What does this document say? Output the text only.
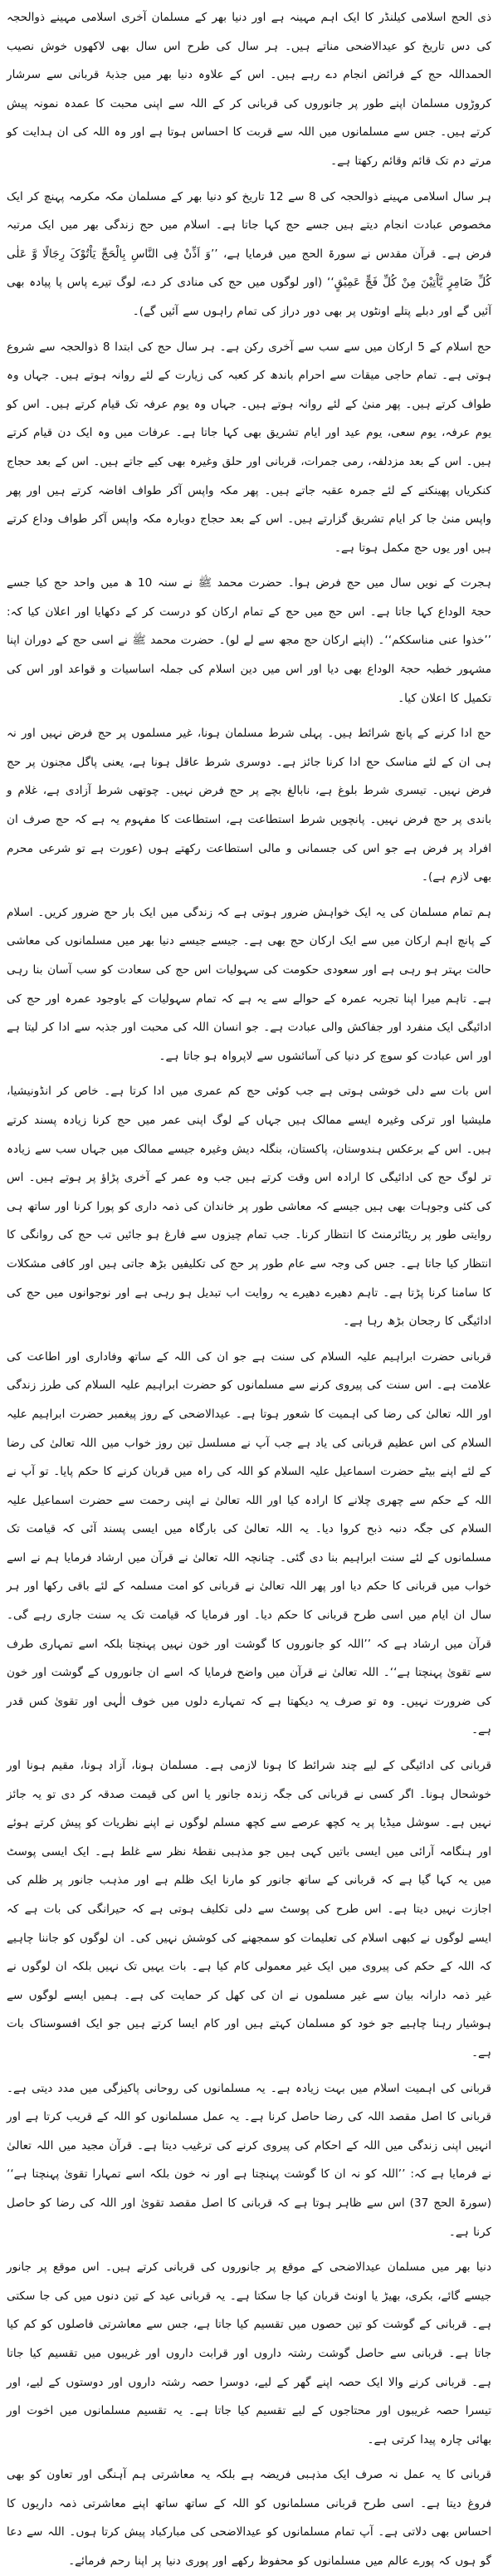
ذی الحج اسلامی کیلنڈر کا ایک اہم مہینہ ہے اور دنیا بھر کے مسلمان آخری اسلامی مہینے ذوالحجہ کی دس تاریخ کو عیدالاضحی مناتے ہیں۔ ہر سال کی طرح اس سال بھی لاکھوں خوش نصیب الحمداللہ حج کے فرائض انجام دے رہے ہیں۔ اس کے علاوہ دنیا بھر میں جذبۂ قربانی سے سرشار کروڑوں مسلمان اپنے طور پر جانوروں کی قربانی کر کے اللہ سے اپنی محبت کا عمدہ نمونہ پیش کرتے ہیں۔ جس سے مسلمانوں میں اللہ سے قربت کا احساس ہوتا ہے اور وہ اللہ کی ان ہدایت کو مرتے دم تک قائم وقائم رکھتا ہے۔

ہر سال اسلامی مہینے ذوالحجہ کی 8 سے 12 تاریخ کو دنیا بھر کے مسلمان مکہ مکرمہ پہنچ کر ایک مخصوص عبادت انجام دیتے ہیں جسے حج کہا جاتا ہے۔ اسلام میں حج زندگی بھر میں ایک مرتبہ فرض ہے۔ قرآن مقدس نے سورۃ الحج میں فرمایا ہے، ’’وَ اَذِّنْ فِی النَّاسِ بِالْحَجِّ یَاْتُوْکَ رِجَالًا وَّ عَلٰی کُلِّ ضَامِرٍ یَّاْتِیْنَ مِنْ کُلِّ فَجٍّ عَمِیْقٍ‘‘ (اور لوگوں میں حج کی منادی کر دے، لوگ تیرے پاس پا پیادہ بھی آئیں گے اور دبلے پتلے اونٹوں پر بھی دور دراز کی تمام راہوں سے آئیں گے)۔

حج اسلام کے 5 ارکان میں سے سب سے آخری رکن ہے۔ ہر سال حج کی ابتدا 8 ذوالحجہ سے شروع ہوتی ہے۔ تمام حاجی میقات سے احرام باندھ کر کعبہ کی زیارت کے لئے روانہ ہوتے ہیں۔ جہاں وہ طواف کرتے ہیں۔ پھر منیٰ کے لئے روانہ ہوتے ہیں۔ جہاں وہ یوم عرفہ تک قیام کرتے ہیں۔ اس کو یوم عرفہ، یوم سعی، یوم عید اور ایام تشریق بھی کہا جاتا ہے۔ عرفات میں وہ ایک دن قیام کرتے ہیں۔ اس کے بعد مزدلفہ، رمی جمرات، قربانی اور حلق وغیرہ بھی کیے جاتے ہیں۔ اس کے بعد حجاج کنکریاں پھینکنے کے لئے جمرہ عقبہ جاتے ہیں۔ پھر مکہ واپس آکر طواف افاضہ کرتے ہیں اور پھر واپس منیٰ جا کر ایام تشریق گزارتے ہیں۔ اس کے بعد حجاج دوبارہ مکہ واپس آکر طواف وداع کرتے ہیں اور یوں حج مکمل ہوتا ہے۔

ہجرت کے نویں سال میں حج فرض ہوا۔ حضرت محمد ﷺ نے سنہ 10 ھ میں واحد حج کیا جسے حجۃ الوداع کہا جاتا ہے۔ اس حج میں حج کے تمام ارکان کو درست کر کے دکھایا اور اعلان کیا کہ: ’’خذوا عنی مناسککم‘‘۔ (اپنے ارکان حج مجھ سے لے لو)۔ حضرت محمد ﷺ نے اسی حج کے دوران اپنا مشہور خطبہ حجۃ الوداع بھی دیا اور اس میں دین اسلام کی جملہ اساسیات و قواعد اور اس کی تکمیل کا اعلان کیا۔

حج ادا کرنے کے پانچ شرائط ہیں۔ پہلی شرط مسلمان ہونا، غیر مسلموں پر حج فرض نہیں اور نہ ہی ان کے لئے مناسک حج ادا کرنا جائز ہے۔ دوسری شرط عاقل ہونا ہے، یعنی پاگل مجنون پر حج فرض نہیں۔ تیسری شرط بلوغ ہے، نابالغ بچے پر حج فرض نہیں۔ چوتھی شرط آزادی ہے، غلام و باندی پر حج فرض نہیں۔ پانچویں شرط استطاعت ہے، استطاعت کا مفہوم یہ ہے کہ حج صرف ان افراد پر فرض ہے جو اس کی جسمانی و مالی استطاعت رکھتے ہوں (عورت ہے تو شرعی محرم بھی لازم ہے)۔

ہم تمام مسلمان کی یہ ایک خواہش ضرور ہوتی ہے کہ زندگی میں ایک بار حج ضرور کریں۔ اسلام کے پانچ اہم ارکان میں سے ایک ارکان حج بھی ہے۔ جیسے جیسے دنیا بھر میں مسلمانوں کی معاشی حالت بہتر ہو رہی ہے اور سعودی حکومت کی سہولیات اس حج کی سعادت کو سب آسان بنا رہی ہے۔ تاہم میرا اپنا تجربہ عمرہ کے حوالے سے یہ ہے کہ تمام سہولیات کے باوجود عمرہ اور حج کی ادائیگی ایک منفرد اور جفاکش والی عبادت ہے۔ جو انسان اللہ کی محبت اور جذبہ سے ادا کر لیتا ہے اور اس عبادت کو سوچ کر دنیا کی آسائشوں سے لاپرواہ ہو جاتا ہے۔

اس بات سے دلی خوشی ہوتی ہے جب کوئی حج کم عمری میں ادا کرتا ہے۔ خاص کر انڈونیشیا، ملیشیا اور ترکی وغیرہ ایسے ممالک ہیں جہاں کے لوگ اپنی عمر میں حج کرنا زیادہ پسند کرتے ہیں۔ اس کے برعکس ہندوستان، پاکستان، بنگلہ دیش وغیرہ جیسے ممالک میں جہاں سب سے زیادہ تر لوگ حج کی ادائیگی کا ارادہ اس وقت کرتے ہیں جب وہ عمر کے آخری پڑاؤ پر ہوتے ہیں۔ اس کی کئی وجوہات بھی ہیں جیسے کہ معاشی طور پر خاندان کی ذمہ داری کو پورا کرنا اور ساتھ ہی روایتی طور پر ریٹائرمنٹ کا انتظار کرنا۔ جب تمام چیزوں سے فارغ ہو جائیں تب حج کی روانگی کا انتظار کیا جاتا ہے۔ جس کی وجہ سے عام طور پر حج کی تکلیفیں بڑھ جاتی ہیں اور کافی مشکلات کا سامنا کرنا پڑتا ہے۔ تاہم دھیرے دھیرے یہ روایت اب تبدیل ہو رہی ہے اور نوجوانوں میں حج کی ادائیگی کا رجحان بڑھ رہا ہے۔

قربانی حضرت ابراہیم علیہ السلام کی سنت ہے جو ان کی اللہ کے ساتھ وفاداری اور اطاعت کی علامت ہے۔ اس سنت کی پیروی کرنے سے مسلمانوں کو حضرت ابراہیم علیہ السلام کی طرز زندگی اور اللہ تعالیٰ کی رضا کی اہمیت کا شعور ہوتا ہے۔ عیدالاضحی کے روز پیغمبر حضرت ابراہیم علیہ السلام کی اس عظیم قربانی کی یاد ہے جب آپ نے مسلسل تین روز خواب میں اللہ تعالیٰ کی رضا کے لئے اپنے بیٹے حضرت اسماعیل علیہ السلام کو اللہ کی راہ میں قربان کرنے کا حکم پایا۔ تو آپ نے اللہ کے حکم سے چھری چلانے کا ارادہ کیا اور اللہ تعالیٰ نے اپنی رحمت سے حضرت اسماعیل علیہ السلام کی جگہ دنبہ ذبح کروا دیا۔ یہ اللہ تعالیٰ کی بارگاہ میں ایسی پسند آئی کہ قیامت تک مسلمانوں کے لئے سنت ابراہیم بنا دی گئی۔ چنانچہ اللہ تعالیٰ نے قرآن میں ارشاد فرمایا ہم نے اسے خواب میں قربانی کا حکم دیا اور پھر اللہ تعالیٰ نے قربانی کو امت مسلمہ کے لئے باقی رکھا اور ہر سال ان ایام میں اسی طرح قربانی کا حکم دیا۔ اور فرمایا کہ قیامت تک یہ سنت جاری رہے گی۔ قرآن میں ارشاد ہے کہ ’’اللہ کو جانوروں کا گوشت اور خون نہیں پہنچتا بلکہ اسے تمہاری طرف سے تقویٰ پہنچتا ہے‘‘۔ اللہ تعالیٰ نے قرآن میں واضح فرمایا کہ اسے ان جانوروں کے گوشت اور خون کی ضرورت نہیں۔ وہ تو صرف یہ دیکھتا ہے کہ تمہارے دلوں میں خوف الٰہی اور تقویٰ کس قدر ہے۔

قربانی کی ادائیگی کے لیے چند شرائط کا ہونا لازمی ہے۔ مسلمان ہونا، آزاد ہونا، مقیم ہونا اور خوشحال ہونا۔ اگر کسی نے قربانی کی جگہ زندہ جانور یا اس کی قیمت صدقہ کر دی تو یہ جائز نہیں ہے۔ سوشل میڈیا پر یہ کچھ عرصے سے کچھ مسلم لوگوں نے اپنے نظریات کو پیش کرتے ہوئے اور ہنگامہ آرائی میں ایسی باتیں کہی ہیں جو مذہبی نقطۂ نظر سے غلط ہے۔ ایک ایسی پوسٹ میں یہ کہا گیا ہے کہ قربانی کے ساتھ جانور کو مارنا ایک ظلم ہے اور مذہب جانور پر ظلم کی اجازت نہیں دیتا ہے۔ اس طرح کی پوسٹ سے دلی تکلیف ہوتی ہے کہ حیرانگی کی بات ہے کہ ایسے لوگوں نے کبھی اسلام کی تعلیمات کو سمجھنے کی کوشش نہیں کی۔ ان لوگوں کو جاننا چاہیے کہ اللہ کے حکم کی پیروی میں ایک غیر معمولی کام کیا ہے۔ بات یہیں تک نہیں بلکہ ان لوگوں نے غیر ذمہ دارانہ بیان سے غیر مسلموں نے ان کی کھل کر حمایت کی ہے۔ ہمیں ایسے لوگوں سے ہوشیار رہنا چاہیے جو خود کو مسلمان کہتے ہیں اور کام ایسا کرتے ہیں جو ایک افسوسناک بات ہے۔

قربانی کی اہمیت اسلام میں بہت زیادہ ہے۔ یہ مسلمانوں کی روحانی پاکیزگی میں مدد دیتی ہے۔ قربانی کا اصل مقصد اللہ کی رضا حاصل کرنا ہے۔ یہ عمل مسلمانوں کو اللہ کے قریب کرتا ہے اور انہیں اپنی زندگی میں اللہ کے احکام کی پیروی کرنے کی ترغیب دیتا ہے۔ قرآن مجید میں اللہ تعالیٰ نے فرمایا ہے کہ: ’’اللہ کو نہ ان کا گوشت پہنچتا ہے اور نہ خون بلکہ اسے تمہارا تقویٰ پہنچتا ہے‘‘ (سورۃ الحج 37) اس سے ظاہر ہوتا ہے کہ قربانی کا اصل مقصد تقویٰ اور اللہ کی رضا کو حاصل کرنا ہے۔

دنیا بھر میں مسلمان عیدالاضحی کے موقع پر جانوروں کی قربانی کرتے ہیں۔ اس موقع پر جانور جیسے گائے، بکری، بھیڑ یا اونٹ قربان کیا جا سکتا ہے۔ یہ قربانی عید کے تین دنوں میں کی جا سکتی ہے۔ قربانی کے گوشت کو تین حصوں میں تقسیم کیا جاتا ہے، جس سے معاشرتی فاصلوں کو کم کیا جاتا ہے۔ قربانی سے حاصل گوشت رشتہ داروں اور قرابت داروں اور غریبوں میں تقسیم کیا جاتا ہے۔ قربانی کرنے والا ایک حصہ اپنے گھر کے لیے، دوسرا حصہ رشتہ داروں اور دوستوں کے لیے، اور تیسرا حصہ غریبوں اور محتاجوں کے لیے تقسیم کیا جاتا ہے۔ یہ تقسیم مسلمانوں میں اخوت اور بھائی چارہ پیدا کرتی ہے۔

قربانی کا یہ عمل نہ صرف ایک مذہبی فریضہ ہے بلکہ یہ معاشرتی ہم آہنگی اور تعاون کو بھی فروغ دیتا ہے۔ اسی طرح قربانی مسلمانوں کو اللہ کے ساتھ ساتھ اپنے معاشرتی ذمہ داریوں کا احساس بھی دلاتی ہے۔ آپ تمام مسلمانوں کو عیدالاضحی کی مبارکباد پیش کرتا ہوں۔ اللہ سے دعا گو ہوں کہ پورے عالم میں مسلمانوں کو محفوظ رکھے اور پوری دنیا پر اپنا رحم فرمائے۔
